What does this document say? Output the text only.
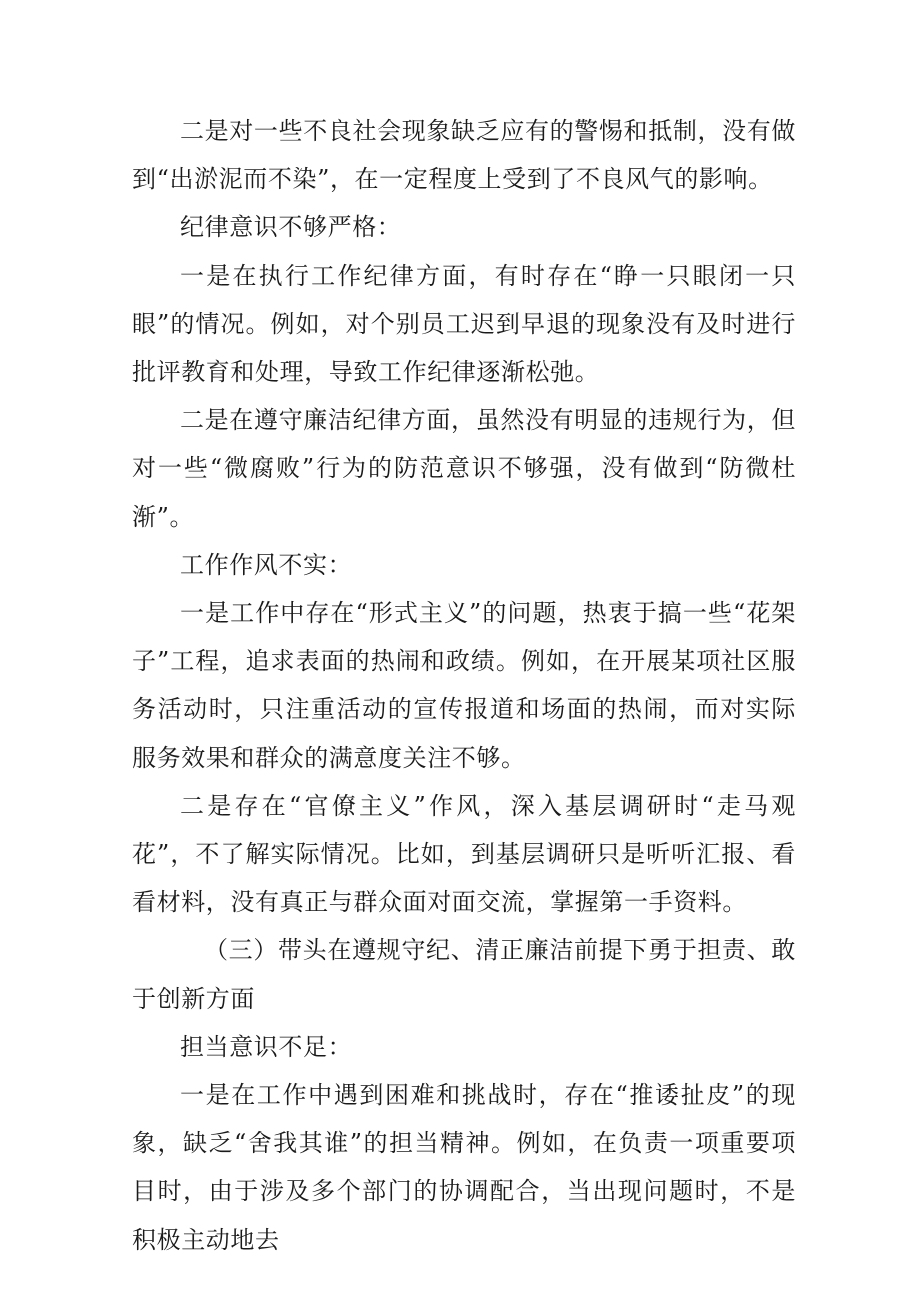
二是对一些不良社会现象缺乏应有的警惕和抵制，没有做到“出淤泥而不染”，在一定程度上受到了不良风气的影响。

纪律意识不够严格：

一是在执行工作纪律方面，有时存在“睁一只眼闭一只眼”的情况。例如，对个别员工迟到早退的现象没有及时进行批评教育和处理，导致工作纪律逐渐松弛。

二是在遵守廉洁纪律方面，虽然没有明显的违规行为，但对一些“微腐败”行为的防范意识不够强，没有做到“防微杜渐”。

工作作风不实：

一是工作中存在“形式主义”的问题，热衷于搞一些“花架子”工程，追求表面的热闹和政绩。例如，在开展某项社区服务活动时，只注重活动的宣传报道和场面的热闹，而对实际服务效果和群众的满意度关注不够。

二是存在“官僚主义”作风，深入基层调研时“走马观花”，不了解实际情况。比如，到基层调研只是听听汇报、看看材料，没有真正与群众面对面交流，掌握第一手资料。

（三）带头在遵规守纪、清正廉洁前提下勇于担责、敢于创新方面

担当意识不足：

一是在工作中遇到困难和挑战时，存在“推诿扯皮”的现象，缺乏“舍我其谁”的担当精神。例如，在负责一项重要项目时，由于涉及多个部门的协调配合，当出现问题时，不是积极主动地去
